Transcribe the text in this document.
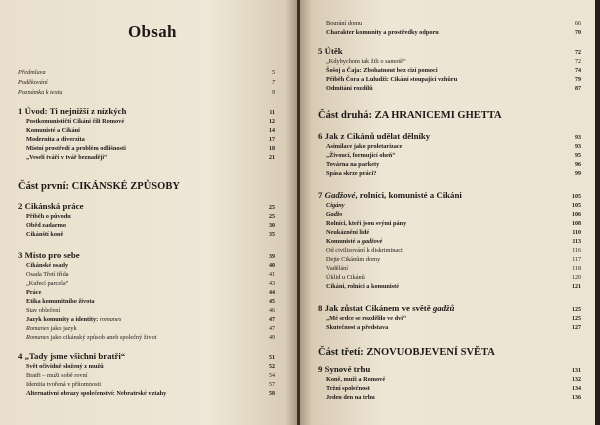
Obsah
Předmluva	5
Poděkování	7
Poznámka k textu	9
1 Úvod: Ti nejnižší z nízkých	11
Postkomunističtí Cikáni čili Romové	12
Komunisté a Cikáni	14
Modernita a diverzita	17
Místní prostředí a problém odlišnosti	18
„Veselí tváří v tvář beznaději“	21
Část první: CIKÁNSKÉ ZPŮSOBY
2 Cikánská práce	25
Příběh o původu	25
Oběd zadarmo	30
Cikánští koně	35
3 Místo pro sebe	39
Cikánské osady	40
Osada Třetí třída	41
„Kuřecí parcela“	43
Práce	44
Etika komunitního života	45
Stav oblečení	46
Jazyk komunity a identity: romanes	47
Romanes jako jazyk	47
Romanes jako cikánský způsob aneb společný život	49
4 „Tady jsme všichni bratři“	51
Svět očividně složený z mužů	52
Bratři – muži sobě rovní	54
Identita tvořená v přítomnosti	57
Alternativní obrazy společenství: Nebratrské vztahy	58
Bourání domu	66
Charakter komunity a prostředky odporu	70
5 Útěk	72
„Kdybychom tak žili o samotě“	72
Šošoj a Čaja: Zbohatnout bez cizí pomoci	74
Příběh Čora a Luludži: Cikání stoupající vzhůru	79
Odmítání rozdílů	87
Část druhá: ZA HRANICEMI GHETTA
6 Jak z Cikánů udělat dělníky	93
Asimilace jako proletarizace	93
„Živoucí, formující oheň“	95
Továrna na parkety	96
Spása skrze práci?	99
7 Gadžové, rolníci, komunisté a Cikáni	105
Cigány	105
Gadžo	106
Rolníci, kteří jsou svými pány	108
Neukáznění lidé	110
Komunisté a gadžové	113
Od civilizování k diskriminaci	116
Dejte Cikánům domy	117
Vadělání	118
Úklid u Cikánů	120
Cikáni, rolníci a komunisté	121
8 Jak zůstat Cikánem ve světě gadžů	125
„Mé srdce se rozdělilo ve dví“	125
Skutečnost a představa	127
Část třetí: ZNOVUOBJEVENÍ SVĚTA
9 Synové trhu	131
Koně, muži a Romové	132
Tržní společnost	134
Jeden den na trhu	136
